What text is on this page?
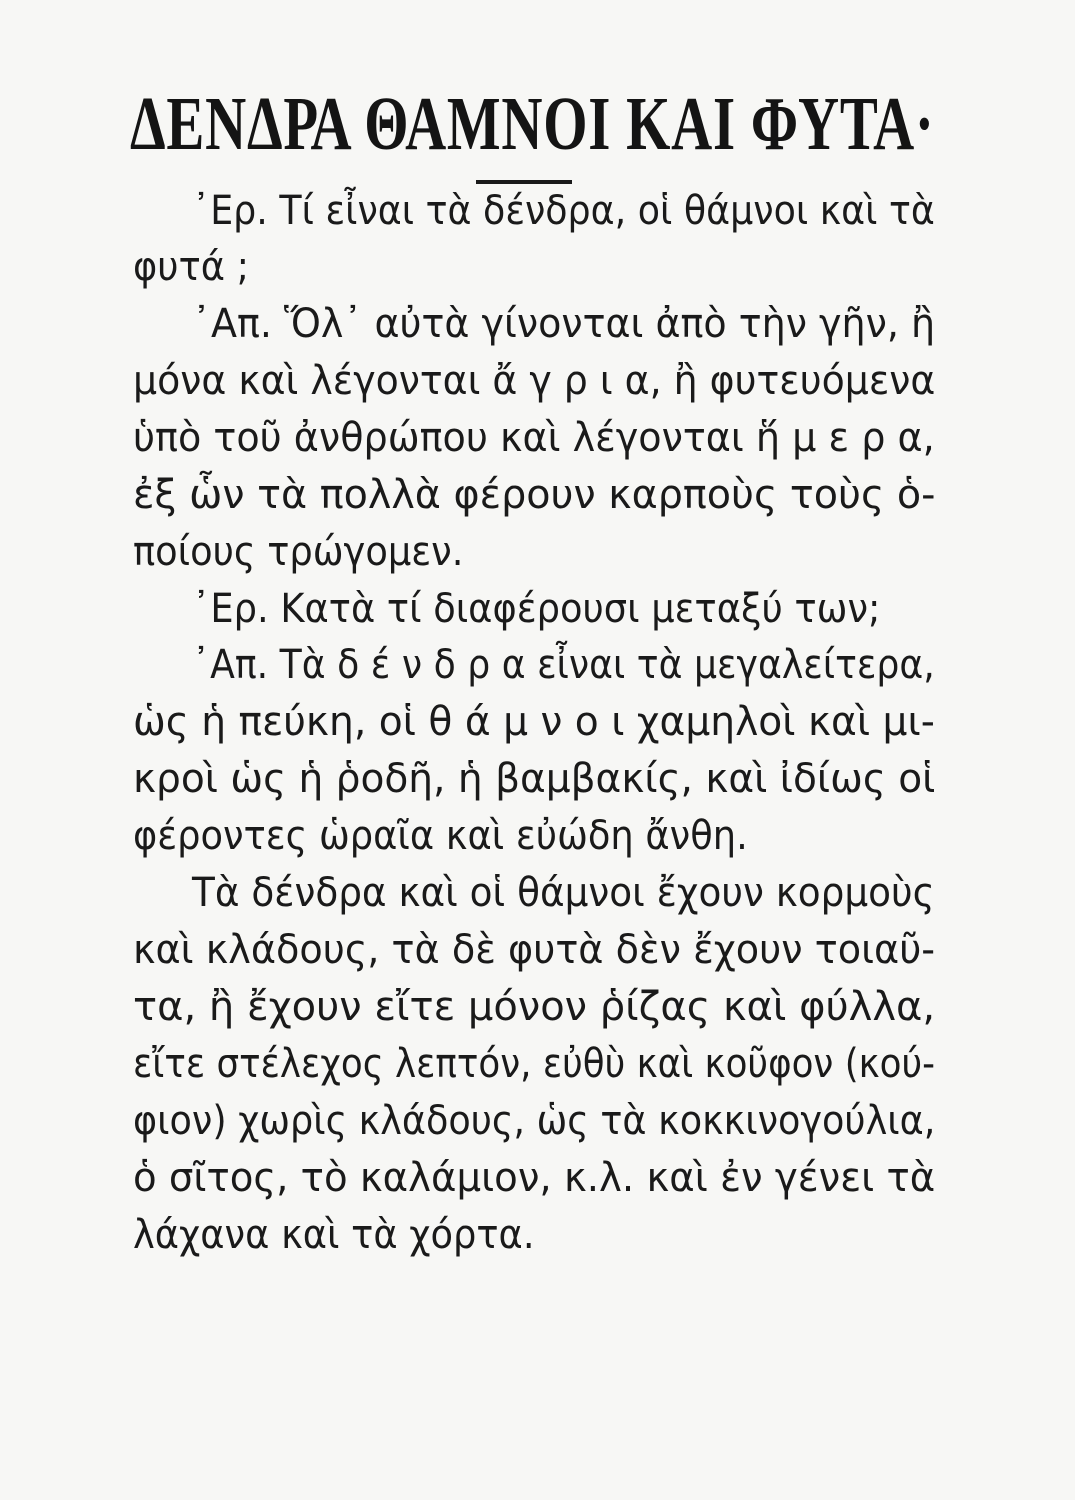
ΔΕΝΔΡΑ ΘΑΜΝΟΙ ΚΑΙ ΦΥΤΑ·
᾿Ερ. Τί εἶναι τὰ δένδρα, οἱ θάμνοι καὶ τὰ
φυτά ;
᾿Απ. Ὅλ᾿ αὐτὰ γίνονται ἀπὸ τὴν γῆν, ἢ
μόνα καὶ λέγονται ἄ γ ρ ι α, ἢ φυτευόμενα
ὑπὸ τοῦ ἀνθρώπου καὶ λέγονται ἥ μ ε ρ α,
ἐξ ὧν τὰ πολλὰ φέρουν καρποὺς τοὺς ὁ-
ποίους τρώγομεν.
᾿Ερ. Κατὰ τί διαφέρουσι μεταξύ των;
᾿Απ. Τὰ δ έ ν δ ρ α εἶναι τὰ μεγαλείτερα,
ὡς ἡ πεύκη, οἱ θ ά μ ν ο ι χαμηλοὶ καὶ μι-
κροὶ ὡς ἡ ῥοδῆ, ἡ βαμβακίς, καὶ ἰδίως οἱ
φέροντες ὡραῖα καὶ εὐώδη ἄνθη.
Τὰ δένδρα καὶ οἱ θάμνοι ἔχουν κορμοὺς
καὶ κλάδους, τὰ δὲ φυτὰ δὲν ἔχουν τοιαῦ-
τα, ἢ ἔχουν εἴτε μόνον ῥίζας καὶ φύλλα,
εἴτε στέλεχος λεπτόν, εὐθὺ καὶ κοῦφον (κού-
φιον) χωρὶς κλάδους, ὡς τὰ κοκκινογούλια,
ὁ σῖτος, τὸ καλάμιον, κ.λ. καὶ ἐν γένει τὰ
λάχανα καὶ τὰ χόρτα.
